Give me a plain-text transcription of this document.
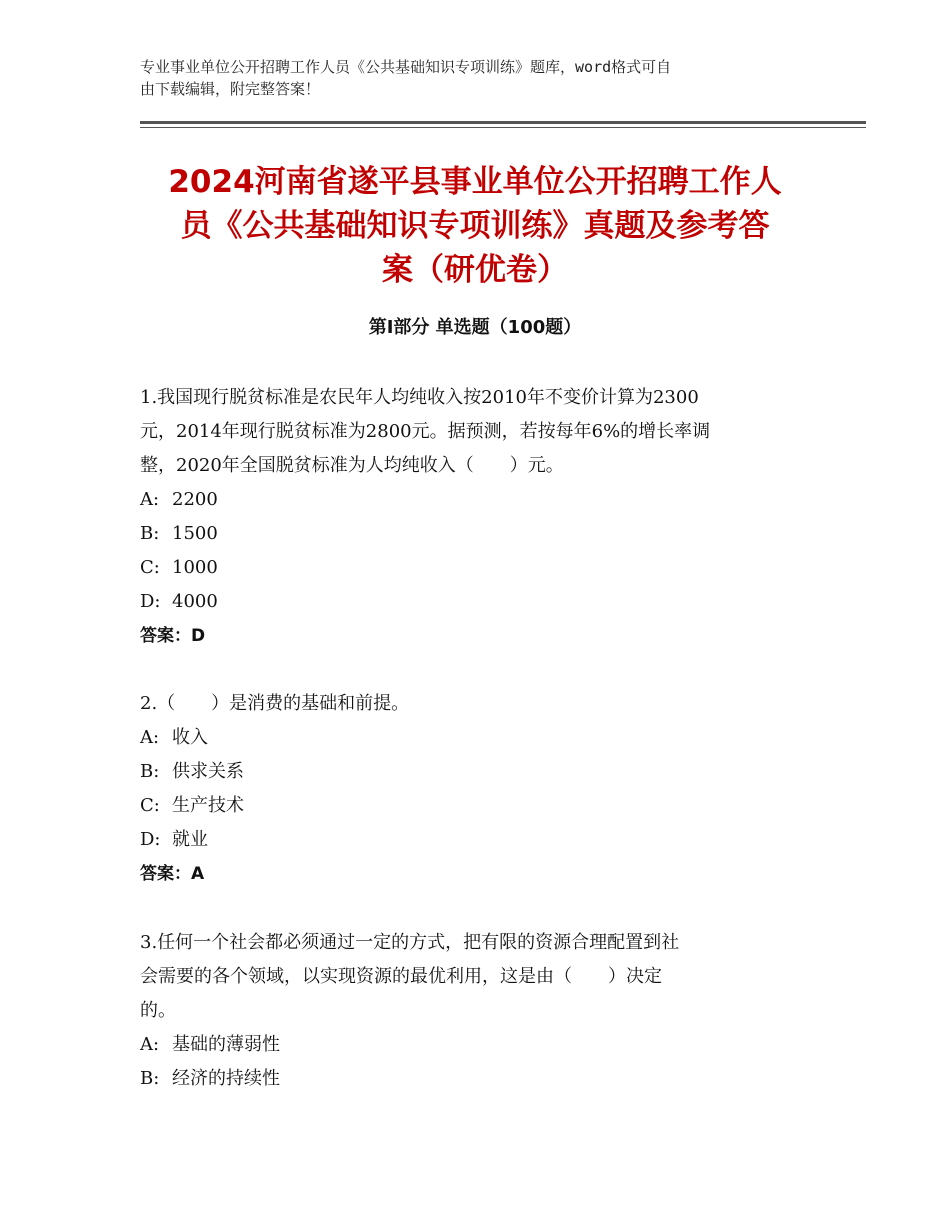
专业事业单位公开招聘工作人员《公共基础知识专项训练》题库，word格式可自
由下载编辑，附完整答案！
2024河南省遂平县事业单位公开招聘工作人
员《公共基础知识专项训练》真题及参考答
案（研优卷）
第Ⅰ部分 单选题（100题）
1.我国现行脱贫标准是农民年人均纯收入按2010年不变价计算为2300
元，2014年现行脱贫标准为2800元。据预测，若按每年6%的增长率调
整，2020年全国脱贫标准为人均纯收入（　　）元。
A: 2200
B: 1500
C: 1000
D: 4000
答案：D
2.（　　）是消费的基础和前提。
A: 收入
B: 供求关系
C: 生产技术
D: 就业
答案：A
3.任何一个社会都必须通过一定的方式，把有限的资源合理配置到社
会需要的各个领域，以实现资源的最优利用，这是由（　　）决定
的。
A: 基础的薄弱性
B: 经济的持续性
